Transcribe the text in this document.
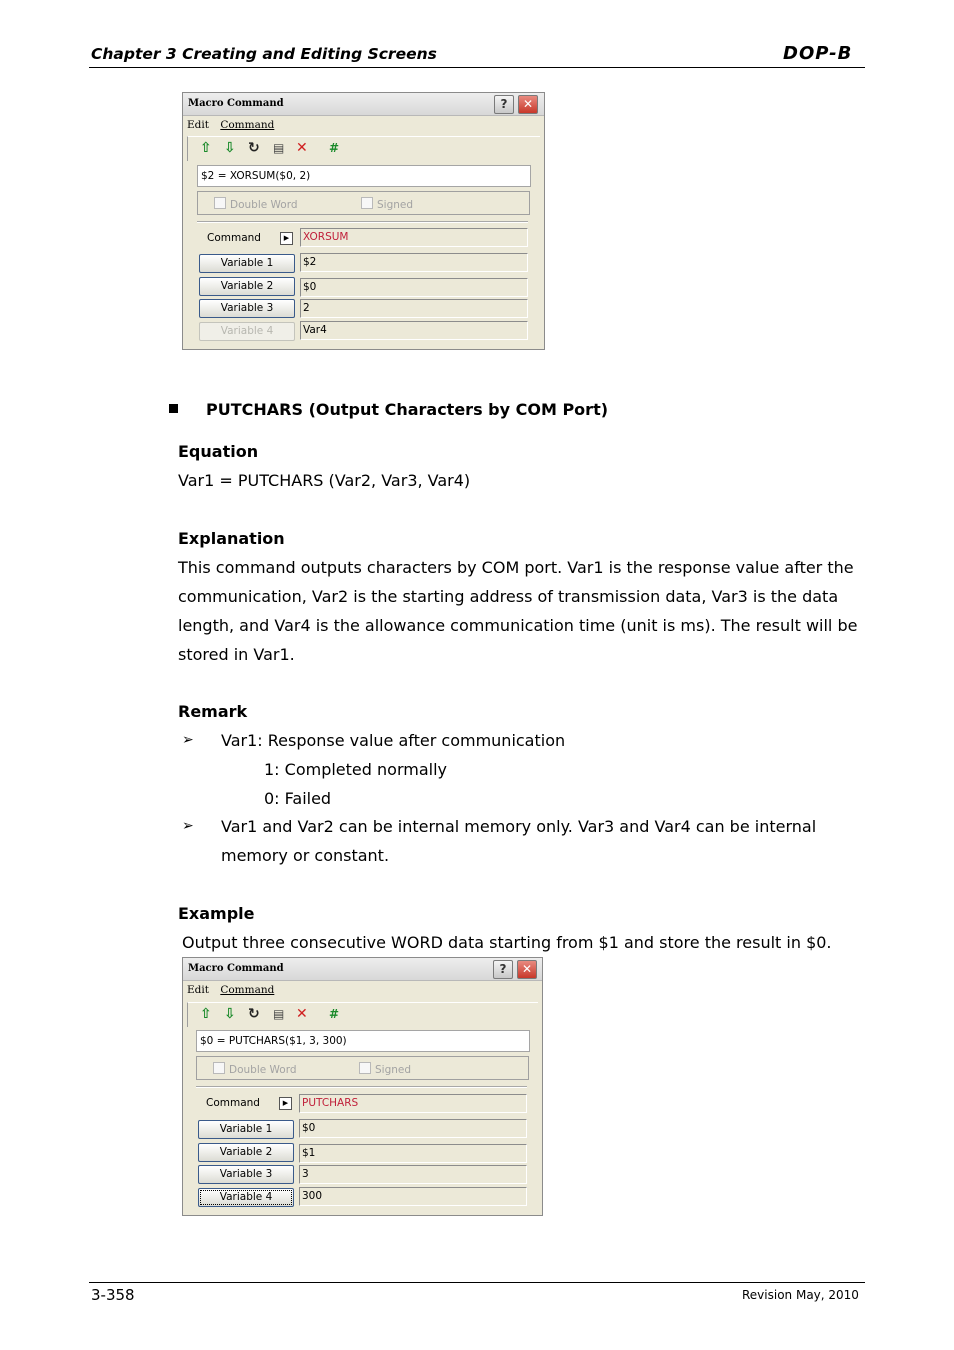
Chapter 3 Creating and Editing Screens	DOP-B
Macro Command	?	✕
Edit Command
⇧ ⇩ ↻ ▤ ✕ #
$2 = XORSUM($0, 2)
Double Word	Signed
Command	▶	XORSUM
Variable 1	$2
Variable 2	$0
Variable 3	2
Variable 4	Var4
PUTCHARS (Output Characters by COM Port)
Equation
Var1 = PUTCHARS (Var2, Var3, Var4)
Explanation
This command outputs characters by COM port. Var1 is the response value after the
communication, Var2 is the starting address of transmission data, Var3 is the data
length, and Var4 is the allowance communication time (unit is ms). The result will be
stored in Var1.
Remark
➢ Var1: Response value after communication
1: Completed normally
0: Failed
➢ Var1 and Var2 can be internal memory only. Var3 and Var4 can be internal
memory or constant.
Example
Output three consecutive WORD data starting from $1 and store the result in $0.
Macro Command	?	✕
Edit Command
⇧ ⇩ ↻ ▤ ✕ #
$0 = PUTCHARS($1, 3, 300)
Double Word	Signed
Command	▶	PUTCHARS
Variable 1	$0
Variable 2	$1
Variable 3	3
Variable 4	300
3-358	Revision May, 2010
